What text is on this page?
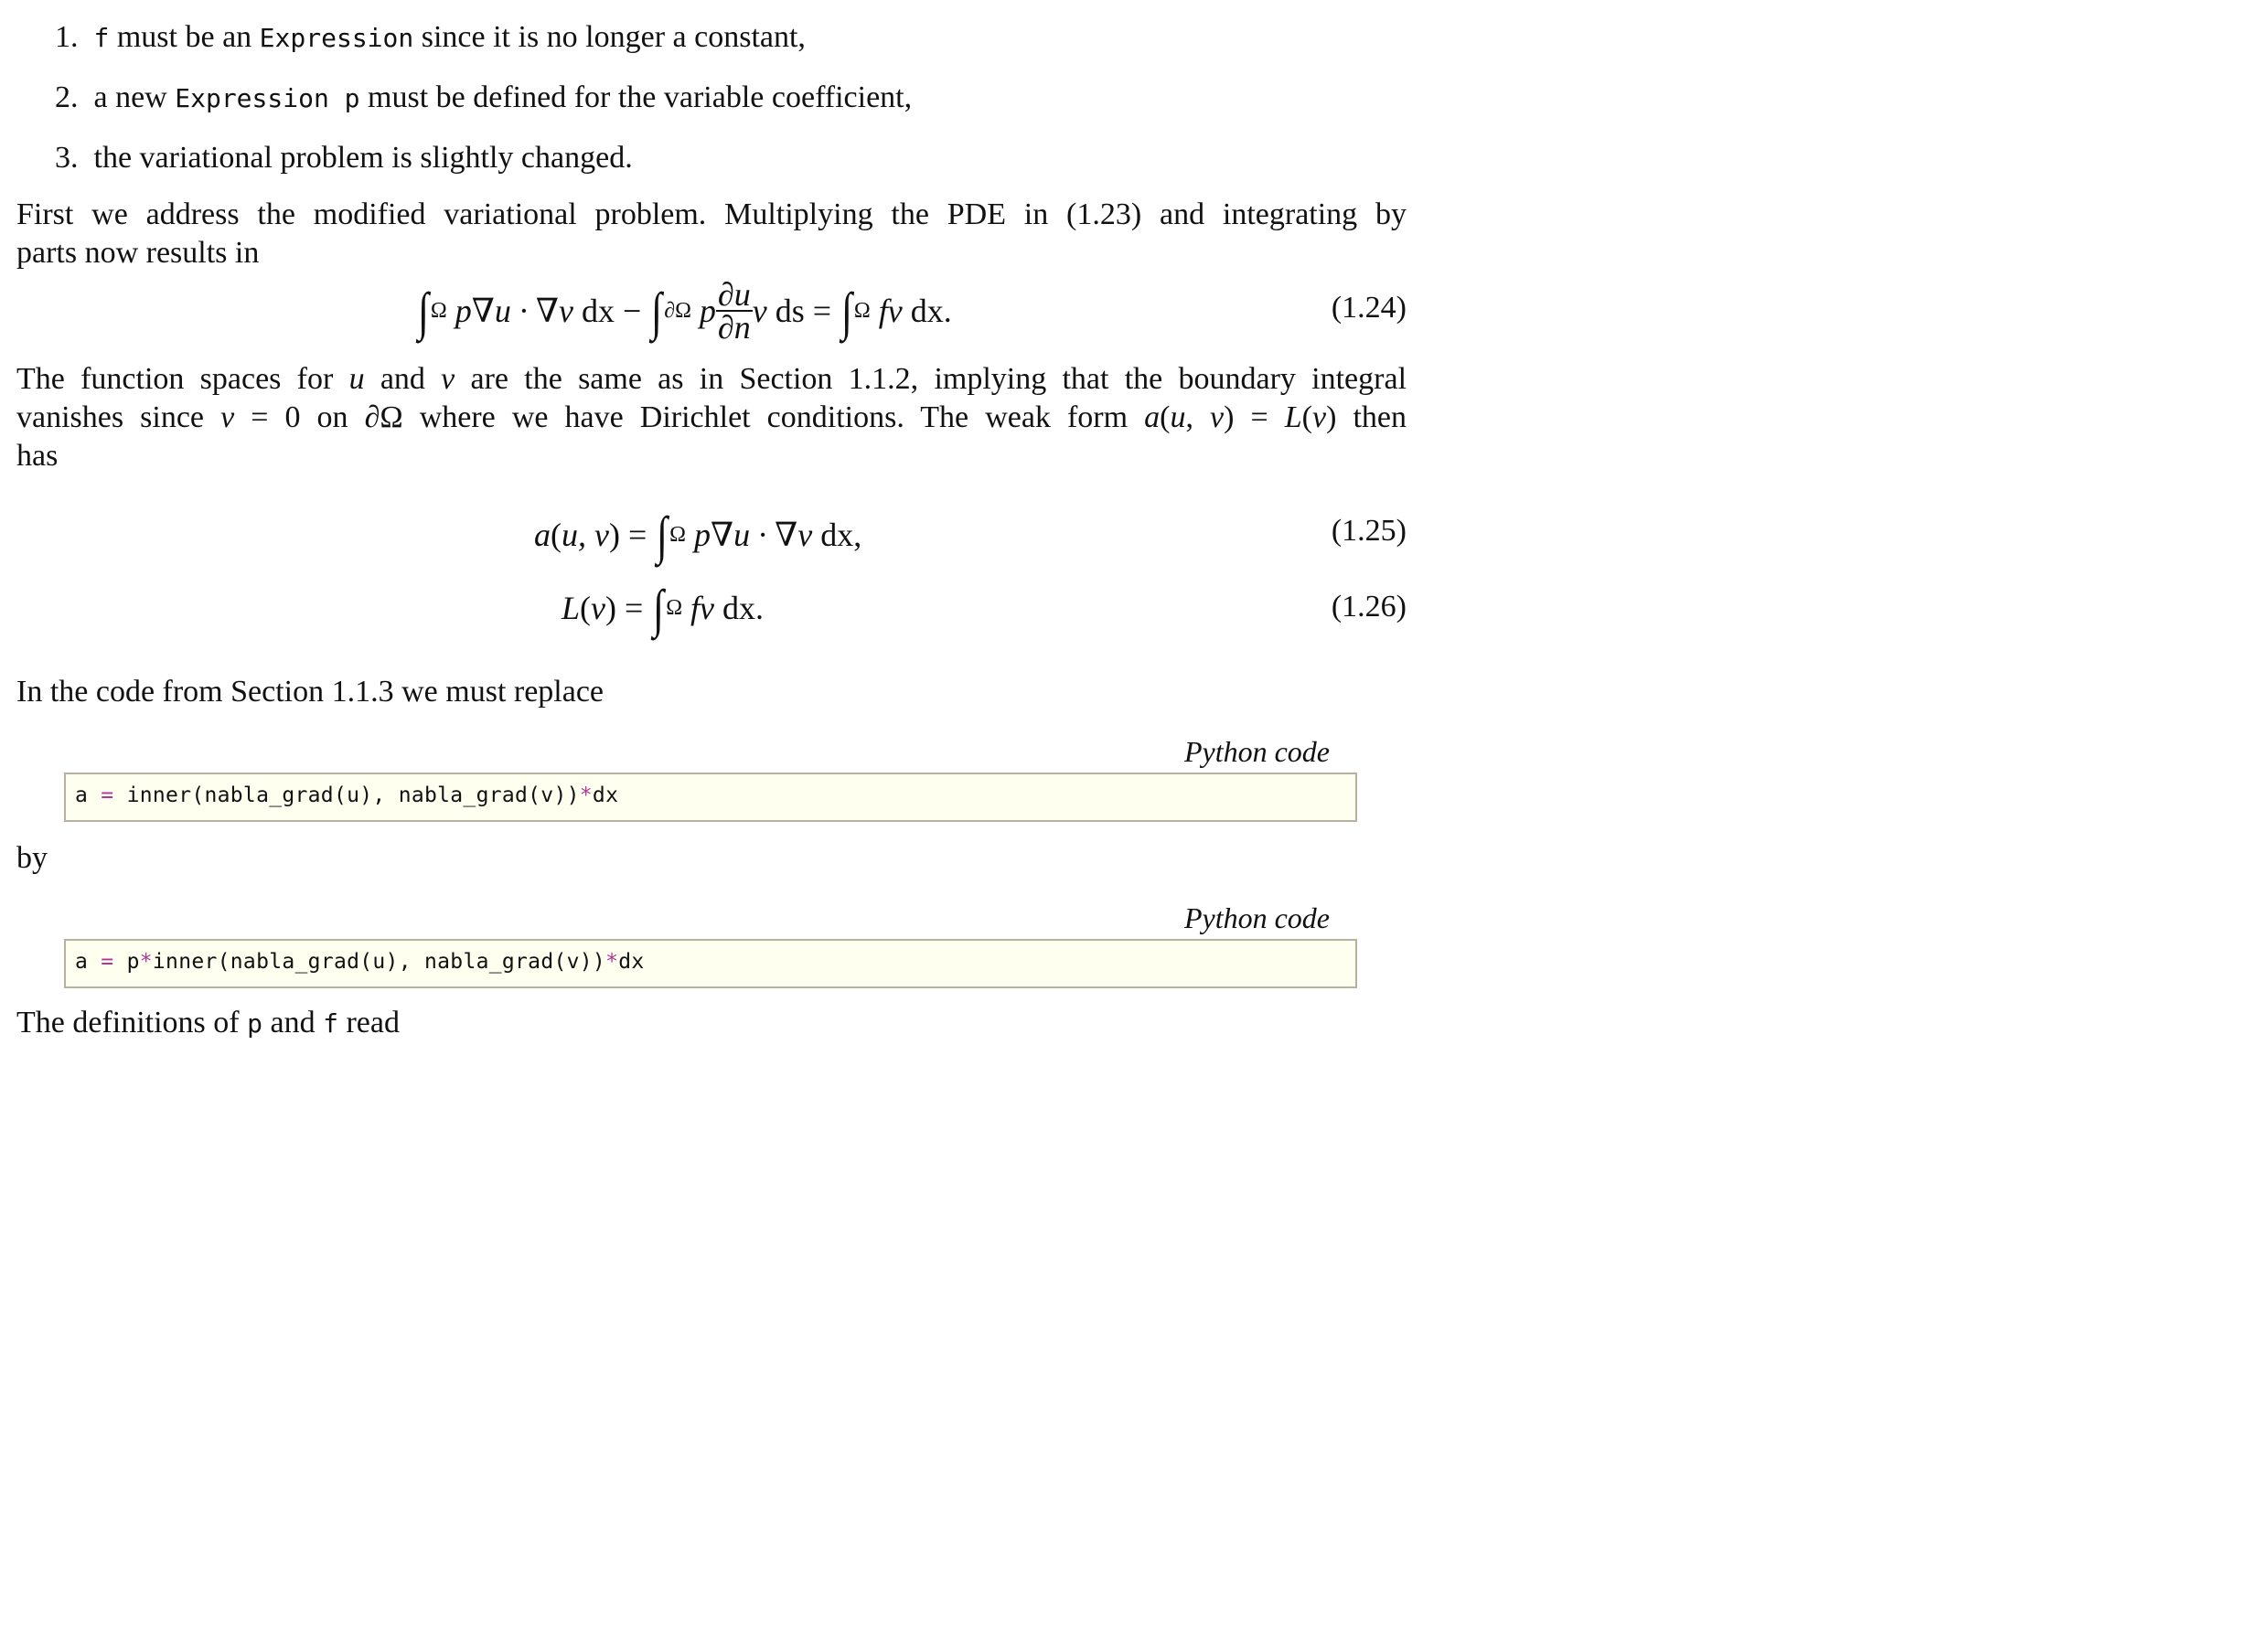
1. f must be an Expression since it is no longer a constant,
2. a new Expression p must be defined for the variable coefficient,
3. the variational problem is slightly changed.
First we address the modified variational problem. Multiplying the PDE in (1.23) and integrating by
parts now results in
∫ Ω p∇u · ∇v dx − ∫ ∂Ω p $\frac{\partial u}{\partial n}$ v ds = ∫ Ω fv dx.	(1.24)
The function spaces for u and v are the same as in Section 1.1.2, implying that the boundary integral
vanishes since v = 0 on ∂Ω where we have Dirichlet conditions. The weak form a(u, v) = L(v) then
has
a ( u, v ) = ∫ Ω p∇u · ∇v dx,	(1.25)
L ( v ) = ∫ Ω fv dx.	(1.26)
In the code from Section 1.1.3 we must replace
Python code
a = inner(nabla_grad(u), nabla_grad(v))*dx
by
Python code
a = p*inner(nabla_grad(u), nabla_grad(v))*dx
The definitions of p and f read
